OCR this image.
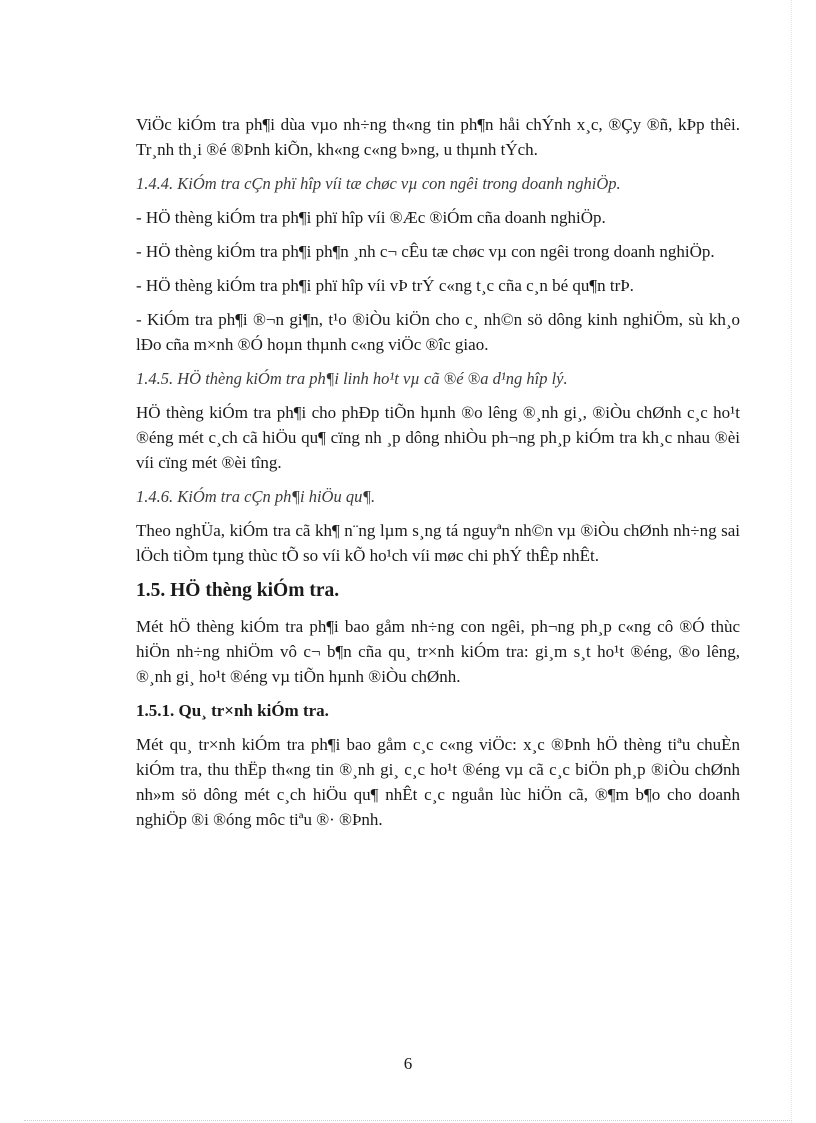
ViÖc kiÓm tra ph¶i dùa vµo nh÷ng th«ng tin ph¶n håi chÝnh x¸c, ®Çy ®ñ, kÞp thêi. Tr¸nh th¸i ®é ®Þnh kiÕn, kh«ng c«ng b»ng, u thµnh tÝch.

1.4.4. KiÓm tra cÇn phï hîp víi tæ chøc vµ con ngêi trong doanh nghiÖp.

- HÖ thèng kiÓm tra ph¶i phï hîp víi ®Æc ®iÓm cña doanh nghiÖp.

- HÖ thèng kiÓm tra ph¶i ph¶n ¸nh c¬ cÊu tæ chøc vµ con ngêi trong doanh nghiÖp.

- HÖ thèng kiÓm tra ph¶i phï hîp víi vÞ trÝ c«ng t¸c cña c¸n bé qu¶n trÞ.

- KiÓm tra ph¶i ®¬n gi¶n, t¹o ®iÒu kiÖn cho c¸ nh©n sö dông kinh nghiÖm, sù kh¸o lÐo cña m×nh ®Ó hoµn thµnh c«ng viÖc ®îc giao.

1.4.5. HÖ thèng kiÓm tra ph¶i linh ho¹t vµ cã ®é ®a d¹ng hîp lý.

HÖ thèng kiÓm tra ph¶i cho phÐp tiÕn hµnh ®o lêng ®¸nh gi¸, ®iÒu chØnh c¸c ho¹t ®éng mét c¸ch cã hiÖu qu¶ cïng nh ¸p dông nhiÒu ph¬ng ph¸p kiÓm tra kh¸c nhau ®èi víi cïng mét ®èi tîng.

1.4.6. KiÓm tra cÇn ph¶i hiÖu qu¶.

Theo nghÜa, kiÓm tra cã kh¶ n¨ng lµm s¸ng tá nguyªn nh©n vµ ®iÒu chØnh nh÷ng sai lÖch tiÒm tµng thùc tÕ so víi kÕ ho¹ch víi møc chi phÝ thÊp nhÊt.

1.5. HÖ thèng kiÓm tra.

Mét hÖ thèng kiÓm tra ph¶i bao gåm nh÷ng con ngêi, ph¬ng ph¸p c«ng cô ®Ó thùc hiÖn nh÷ng nhiÖm vô c¬ b¶n cña qu¸ tr×nh kiÓm tra: gi¸m s¸t ho¹t ®éng, ®o lêng, ®¸nh gi¸ ho¹t ®éng vµ tiÕn hµnh ®iÒu chØnh.

1.5.1. Qu¸ tr×nh kiÓm tra.

Mét qu¸ tr×nh kiÓm tra ph¶i bao gåm c¸c c«ng viÖc: x¸c ®Þnh hÖ thèng tiªu chuÈn kiÓm tra, thu thËp th«ng tin ®¸nh gi¸ c¸c ho¹t ®éng vµ cã c¸c biÖn ph¸p ®iÒu chØnh nh»m sö dông mét c¸ch hiÖu qu¶ nhÊt c¸c nguån lùc hiÖn cã, ®¶m b¶o cho doanh nghiÖp ®i ®óng môc tiªu ®· ®Þnh.

6
